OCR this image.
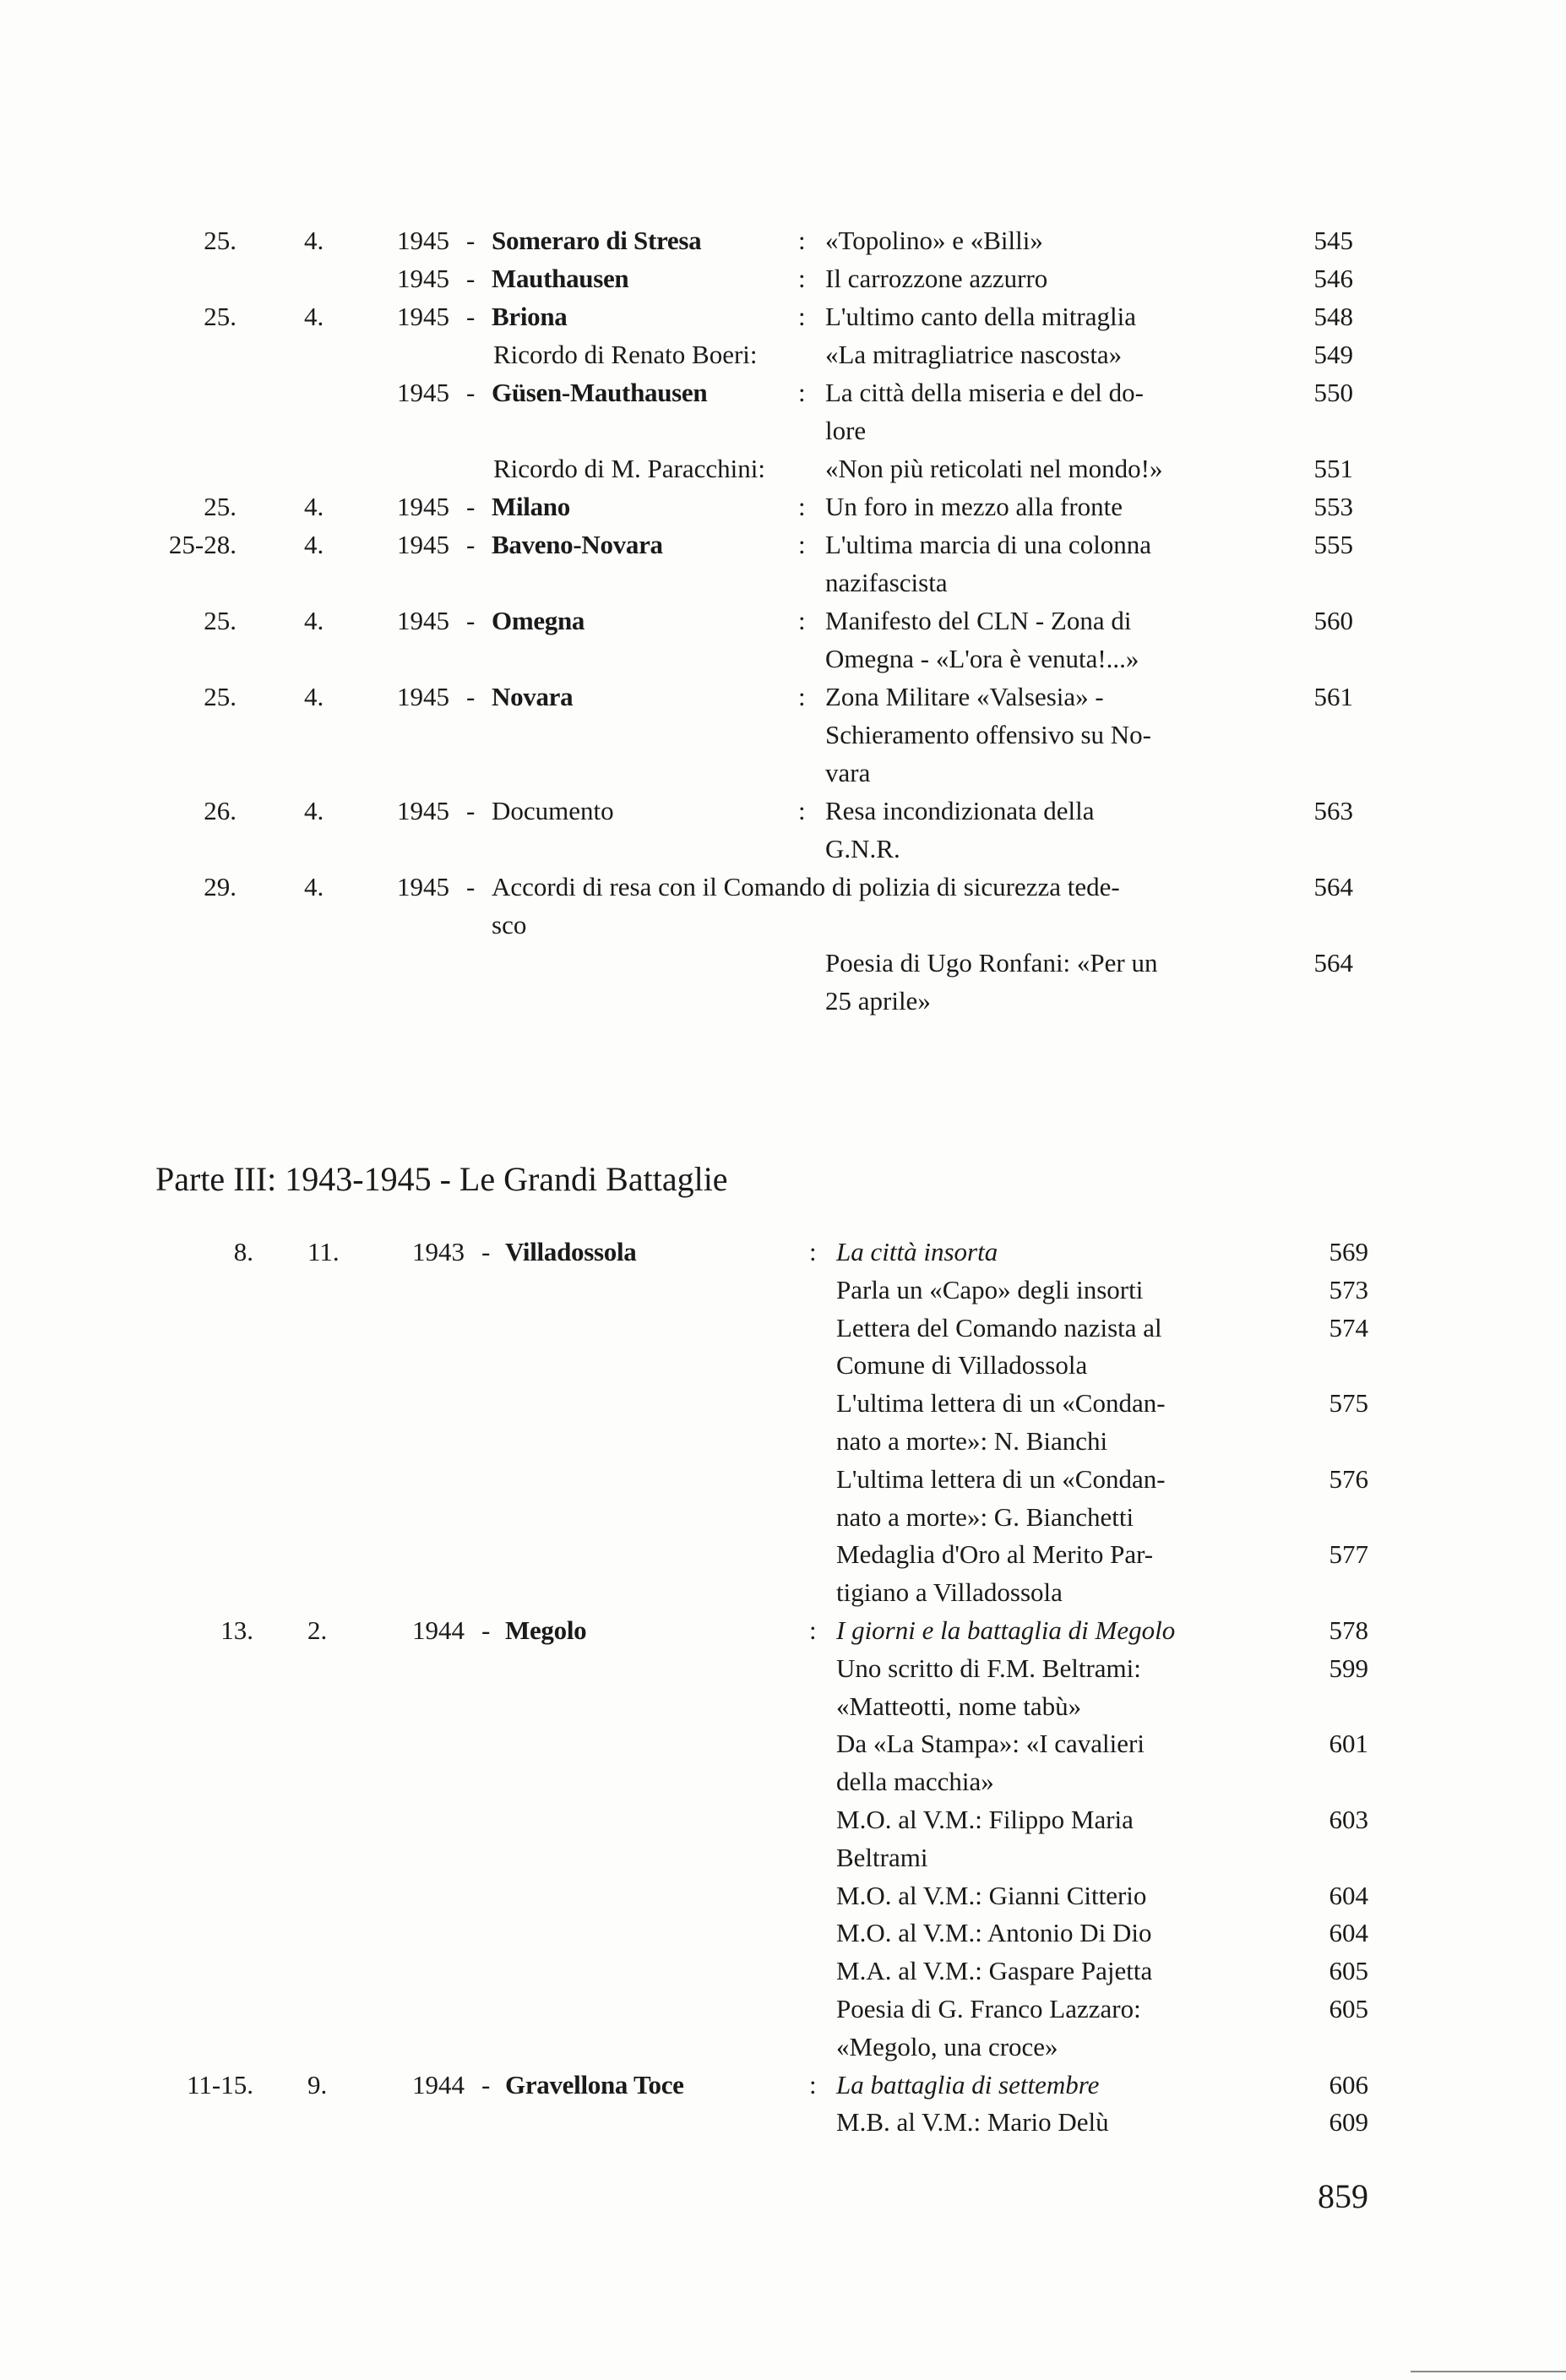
25.	4.	1945 - Someraro di Stresa	: «Topolino» e «Billi»	545
1945 - Mauthausen	: Il carrozzone azzurro	546
25.	4.	1945 - Briona	: L'ultimo canto della mitraglia	548
Ricordo di Renato Boeri:	«La mitragliatrice nascosta»	549
1945 - Güsen-Mauthausen	: La città della miseria e del do-	550
lore
Ricordo di M. Paracchini: «Non più reticolati nel mondo!»	551
25.	4.	1945 - Milano	: Un foro in mezzo alla fronte	553
25-28.	4.	1945 - Baveno-Novara	: L'ultima marcia di una colonna	555
nazifascista
25.	4.	1945 - Omegna	: Manifesto del CLN - Zona di	560
Omegna - «L'ora è venuta!...»
25.	4.	1945 - Novara	: Zona Militare «Valsesia» -	561
Schieramento offensivo su No-
vara
26.	4.	1945 - Documento	: Resa incondizionata della	563
G.N.R.
29.	4.	1945 - Accordi di resa con il Comando di polizia di sicurezza tede-	564
sco
Poesia di Ugo Ronfani: «Per un	564
25 aprile»
Parte III: 1943-1945 - Le Grandi Battaglie
8. 11.	1943 - Villadossola	: La città insorta	569
Parla un «Capo» degli insorti	573
Lettera del Comando nazista al	574
Comune di Villadossola
L'ultima lettera di un «Condan-	575
nato a morte»: N. Bianchi
L'ultima lettera di un «Condan-	576
nato a morte»: G. Bianchetti
Medaglia d'Oro al Merito Par-	577
tigiano a Villadossola
13. 2.	1944 - Megolo	: I giorni e la battaglia di Megolo	578
Uno scritto di F.M. Beltrami:	599
«Matteotti, nome tabù»
Da «La Stampa»: «I cavalieri	601
della macchia»
M.O. al V.M.: Filippo Maria	603
Beltrami
M.O. al V.M.: Gianni Citterio	604
M.O. al V.M.: Antonio Di Dio	604
M.A. al V.M.: Gaspare Pajetta	605
Poesia di G. Franco Lazzaro:	605
«Megolo, una croce»
11-15. 9.	1944 - Gravellona Toce	: La battaglia di settembre	606
M.B. al V.M.: Mario Delù	609
859
